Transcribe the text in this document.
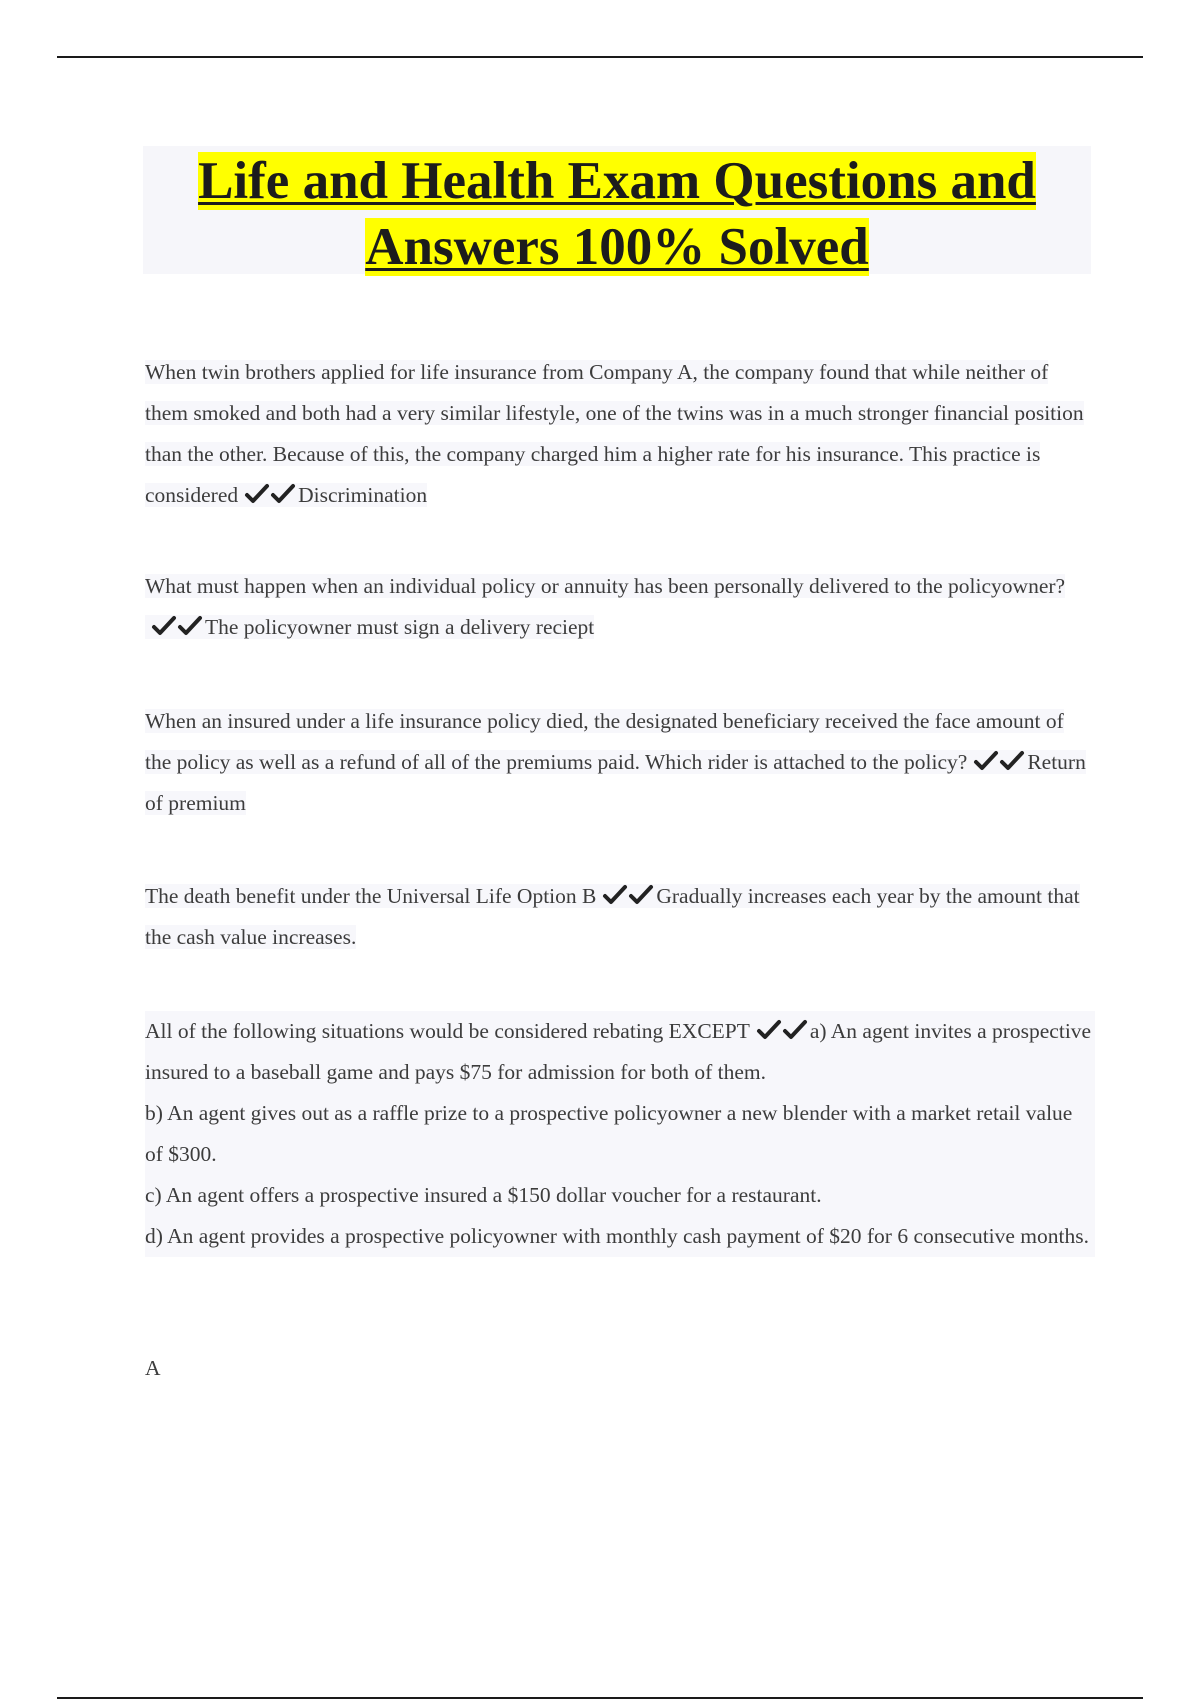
Life and Health Exam Questions and
Answers 100% Solved

When twin brothers applied for life insurance from Company A, the company found that while neither of them smoked and both had a very similar lifestyle, one of the twins was in a much stronger financial position than the other. Because of this, the company charged him a higher rate for his insurance. This practice is considered	Discrimination

What must happen when an individual policy or annuity has been personally delivered to the policyowner?
The policyowner must sign a delivery reciept

When an insured under a life insurance policy died, the designated beneficiary received the face amount of the policy as well as a refund of all of the premiums paid. Which rider is attached to the policy?	Return of premium

The death benefit under the Universal Life Option B	Gradually increases each year by the amount that the cash value increases.

All of the following situations would be considered rebating EXCEPT	a) An agent invites a prospective insured to a baseball game and pays $75 for admission for both of them.
b) An agent gives out as a raffle prize to a prospective policyowner a new blender with a market retail value of $300.
c) An agent offers a prospective insured a $150 dollar voucher for a restaurant.
d) An agent provides a prospective policyowner with monthly cash payment of $20 for 6 consecutive months.

A
